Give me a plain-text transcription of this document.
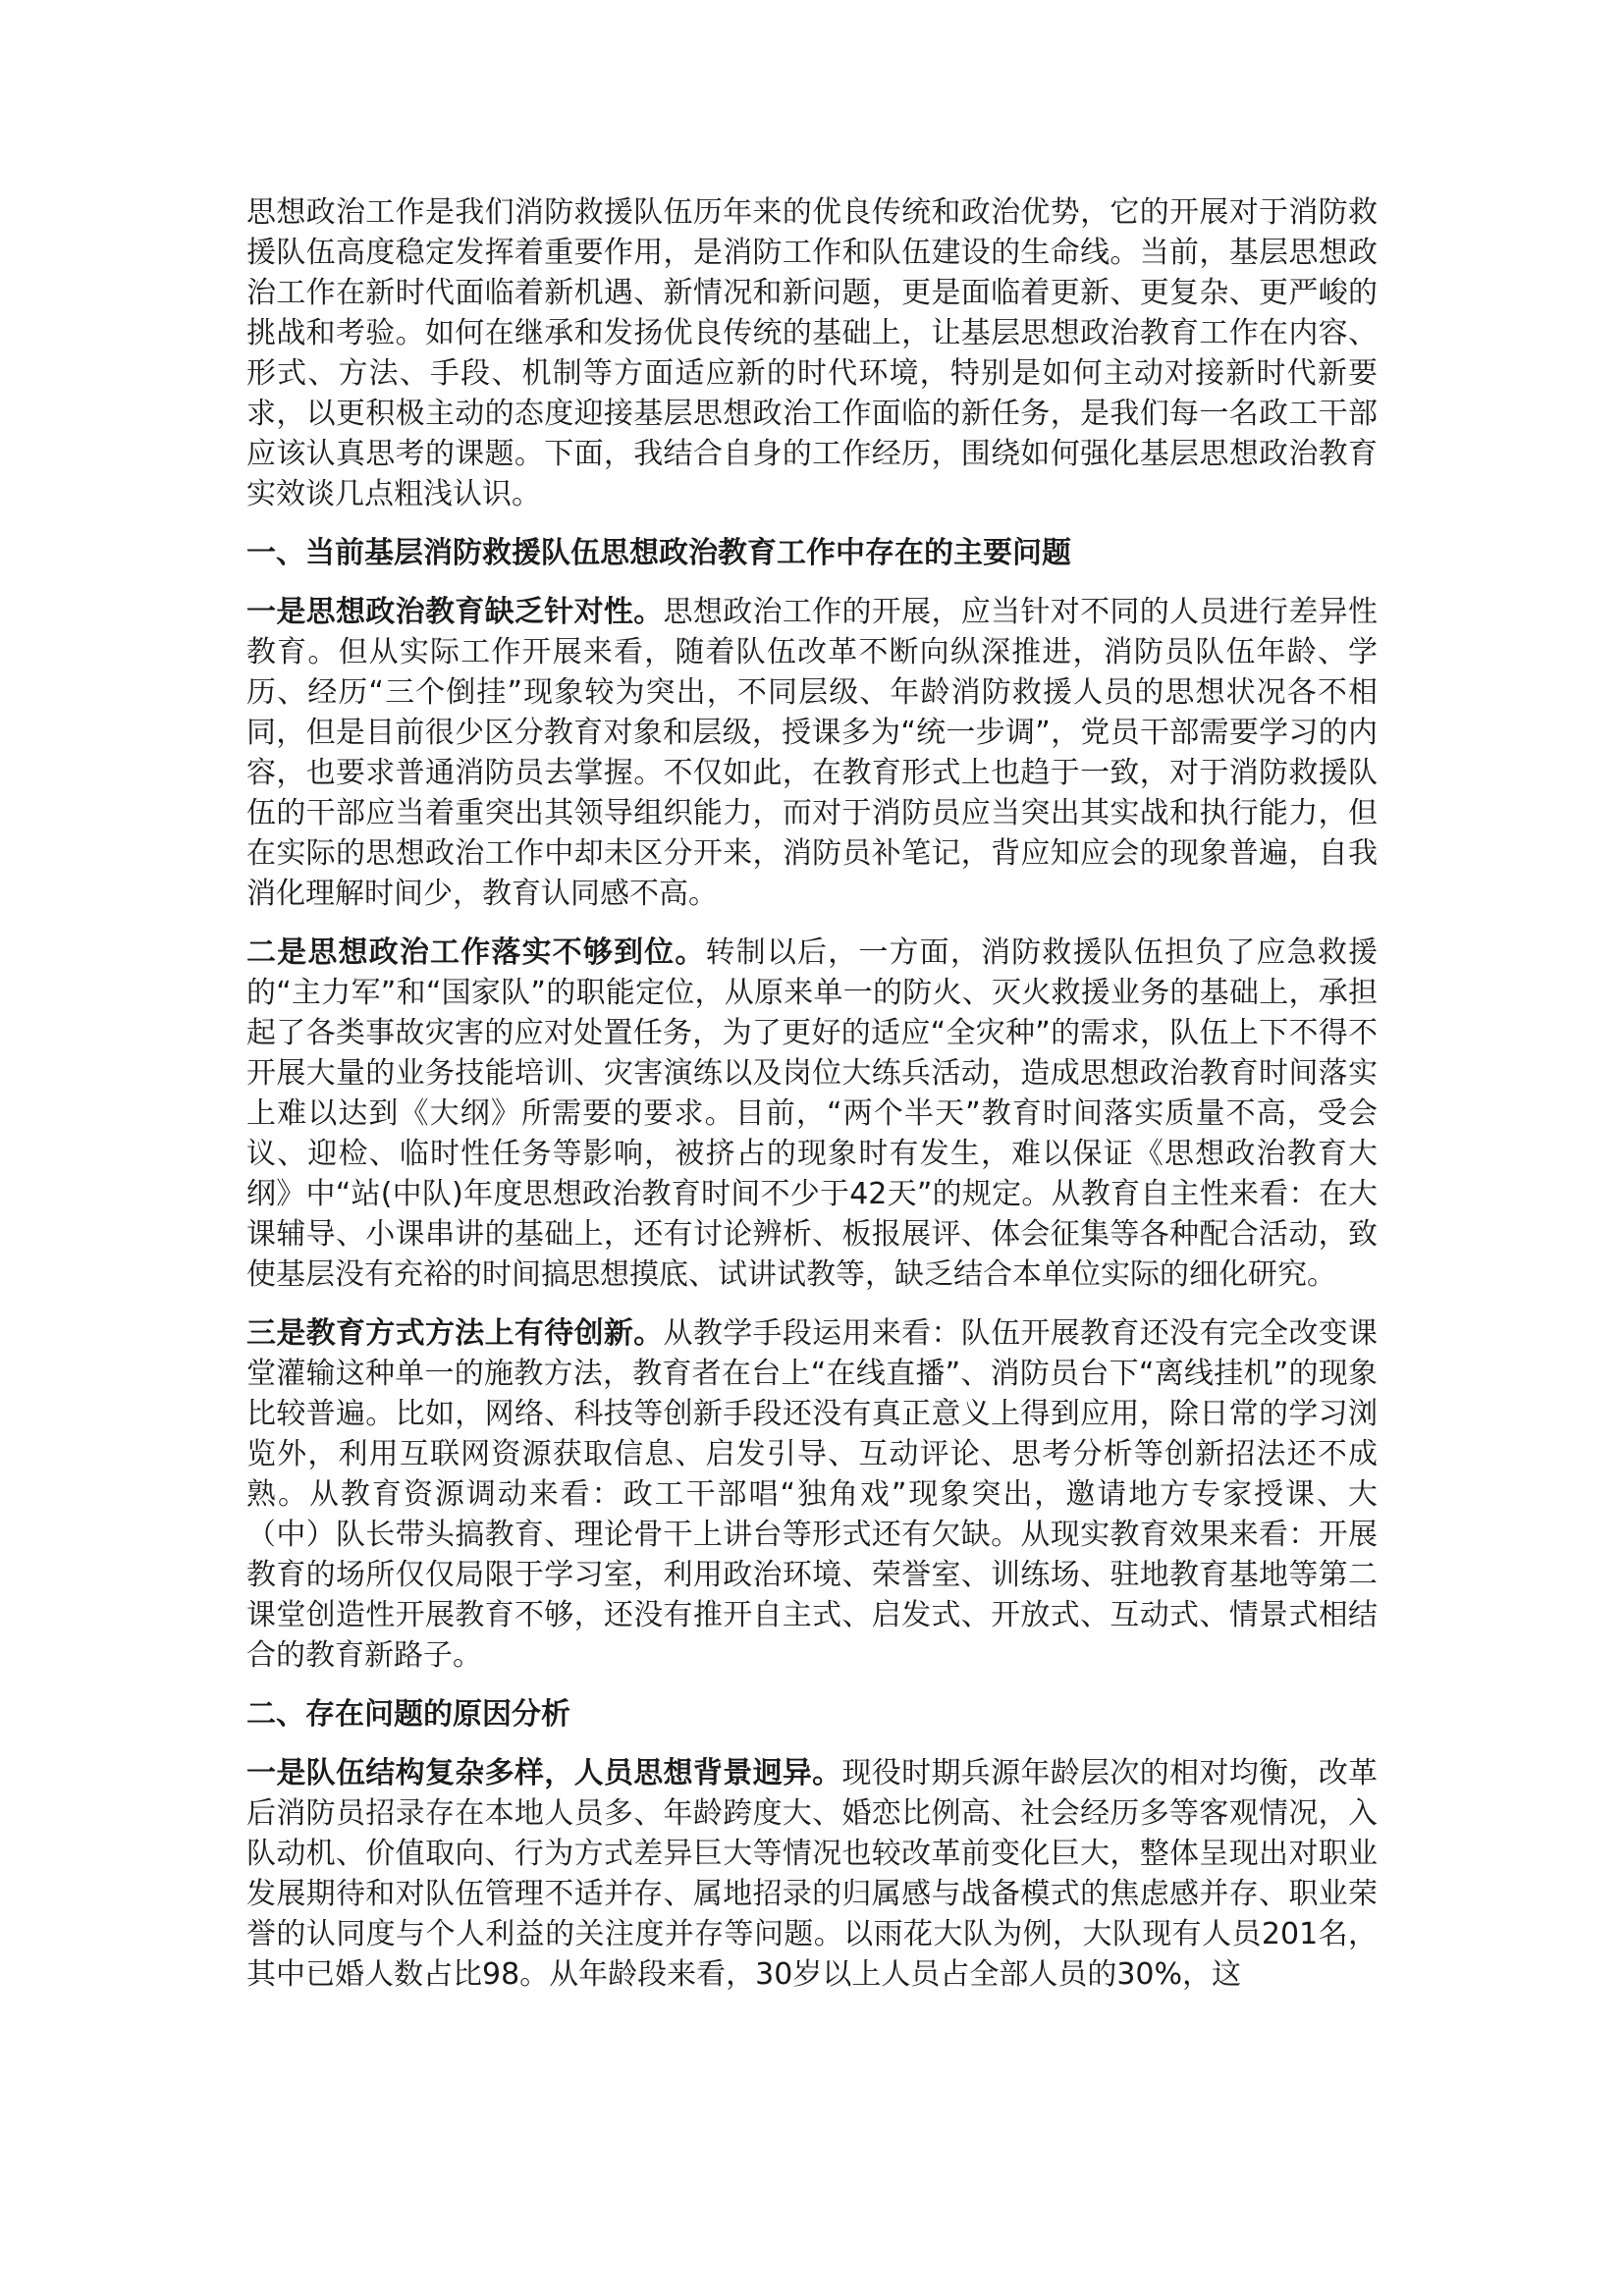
思想政治工作是我们消防救援队伍历年来的优良传统和政治优势，它的开展对于消防救援队伍高度稳定发挥着重要作用，是消防工作和队伍建设的生命线。当前，基层思想政治工作在新时代面临着新机遇、新情况和新问题，更是面临着更新、更复杂、更严峻的挑战和考验。如何在继承和发扬优良传统的基础上，让基层思想政治教育工作在内容、形式、方法、手段、机制等方面适应新的时代环境，特别是如何主动对接新时代新要求，以更积极主动的态度迎接基层思想政治工作面临的新任务，是我们每一名政工干部应该认真思考的课题。下面，我结合自身的工作经历，围绕如何强化基层思想政治教育实效谈几点粗浅认识。

一、当前基层消防救援队伍思想政治教育工作中存在的主要问题

一是思想政治教育缺乏针对性。思想政治工作的开展，应当针对不同的人员进行差异性教育。但从实际工作开展来看，随着队伍改革不断向纵深推进，消防员队伍年龄、学历、经历“三个倒挂”现象较为突出，不同层级、年龄消防救援人员的思想状况各不相同，但是目前很少区分教育对象和层级，授课多为“统一步调”，党员干部需要学习的内容，也要求普通消防员去掌握。不仅如此，在教育形式上也趋于一致，对于消防救援队伍的干部应当着重突出其领导组织能力，而对于消防员应当突出其实战和执行能力，但在实际的思想政治工作中却未区分开来，消防员补笔记，背应知应会的现象普遍，自我消化理解时间少，教育认同感不高。

二是思想政治工作落实不够到位。转制以后，一方面，消防救援队伍担负了应急救援的“主力军”和“国家队”的职能定位，从原来单一的防火、灭火救援业务的基础上，承担起了各类事故灾害的应对处置任务，为了更好的适应“全灾种”的需求，队伍上下不得不开展大量的业务技能培训、灾害演练以及岗位大练兵活动，造成思想政治教育时间落实上难以达到《大纲》所需要的要求。目前，“两个半天”教育时间落实质量不高，受会议、迎检、临时性任务等影响，被挤占的现象时有发生，难以保证《思想政治教育大纲》中“站(中队)年度思想政治教育时间不少于42天”的规定。从教育自主性来看：在大课辅导、小课串讲的基础上，还有讨论辨析、板报展评、体会征集等各种配合活动，致使基层没有充裕的时间搞思想摸底、试讲试教等，缺乏结合本单位实际的细化研究。

三是教育方式方法上有待创新。从教学手段运用来看：队伍开展教育还没有完全改变课堂灌输这种单一的施教方法，教育者在台上“在线直播”、消防员台下“离线挂机”的现象比较普遍。比如，网络、科技等创新手段还没有真正意义上得到应用，除日常的学习浏览外，利用互联网资源获取信息、启发引导、互动评论、思考分析等创新招法还不成熟。从教育资源调动来看：政工干部唱“独角戏”现象突出，邀请地方专家授课、大（中）队长带头搞教育、理论骨干上讲台等形式还有欠缺。从现实教育效果来看：开展教育的场所仅仅局限于学习室，利用政治环境、荣誉室、训练场、驻地教育基地等第二课堂创造性开展教育不够，还没有推开自主式、启发式、开放式、互动式、情景式相结合的教育新路子。

二、存在问题的原因分析

一是队伍结构复杂多样，人员思想背景迥异。现役时期兵源年龄层次的相对均衡，改革后消防员招录存在本地人员多、年龄跨度大、婚恋比例高、社会经历多等客观情况，入队动机、价值取向、行为方式差异巨大等情况也较改革前变化巨大，整体呈现出对职业发展期待和对队伍管理不适并存、属地招录的归属感与战备模式的焦虑感并存、职业荣誉的认同度与个人利益的关注度并存等问题。以雨花大队为例，大队现有人员201名，其中已婚人数占比98。从年龄段来看，30岁以上人员占全部人员的30%，这
